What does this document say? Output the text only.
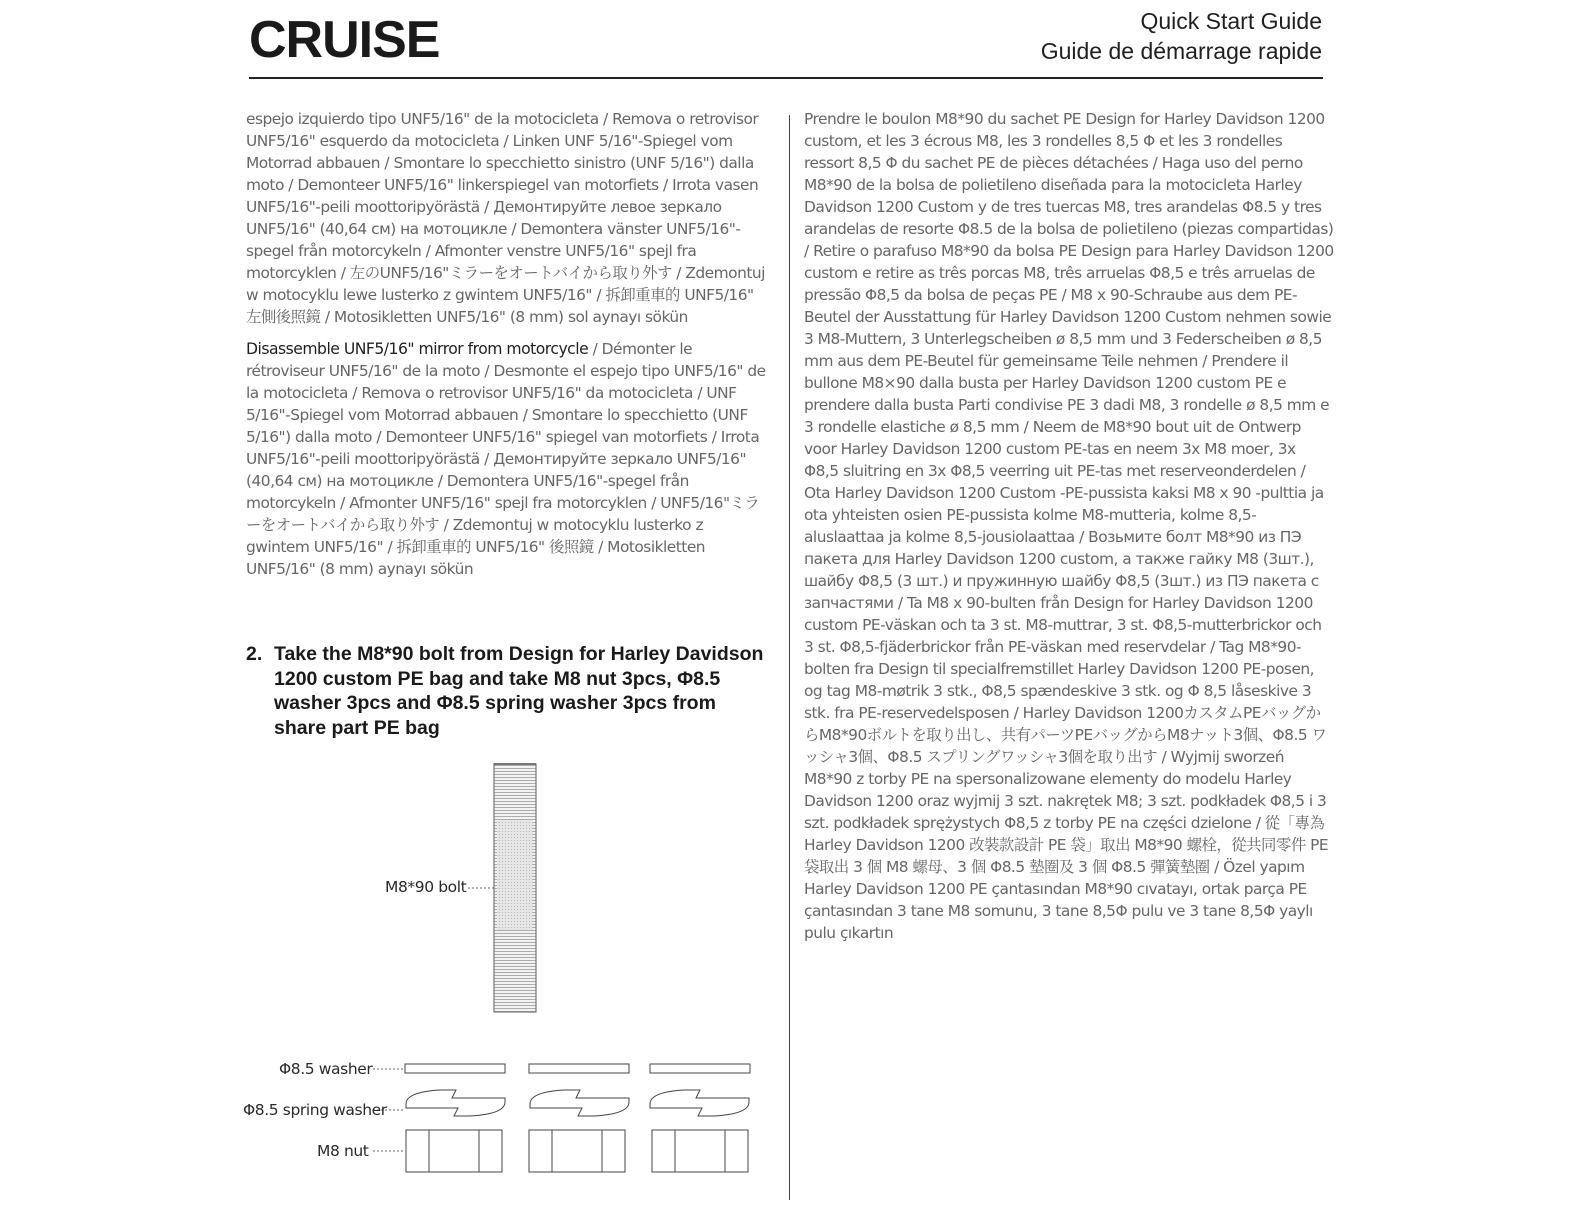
CRUISE	Quick Start Guide
Guide de démarrage rapide

espejo izquierdo tipo UNF5/16" de la motocicleta / Remova o retrovisor UNF5/16" esquerdo da motocicleta / Linken UNF 5/16"-Spiegel vom Motorrad abbauen / Smontare lo specchietto sinistro (UNF 5/16") dalla moto / Demonteer UNF5/16" linkerspiegel van motorfiets / Irrota vasen UNF5/16"-peili moottoripyörästä / Демонтируйте левое зеркало UNF5/16" (40,64 см) на мотоцикле / Demontera vänster UNF5/16"-spegel från motorcykeln / Afmonter venstre UNF5/16" spejl fra motorcyklen / 左のUNF5/16"ミラーをオートバイから取り外す / Zdemontuj w motocyklu lewe lusterko z gwintem UNF5/16" / 拆卸重車的 UNF5/16" 左側後照鏡 / Motosikletten UNF5/16" (8 mm) sol aynayı sökün

Disassemble UNF5/16" mirror from motorcycle / Démonter le rétroviseur UNF5/16" de la moto / Desmonte el espejo tipo UNF5/16" de la motocicleta / Remova o retrovisor UNF5/16" da motocicleta / UNF 5/16"-Spiegel vom Motorrad abbauen / Smontare lo specchietto (UNF 5/16") dalla moto / Demonteer UNF5/16" spiegel van motorfiets / Irrota UNF5/16"-peili moottoripyörästä / Демонтируйте зеркало UNF5/16" (40,64 см) на мотоцикле / Demontera UNF5/16"-spegel från motorcykeln / Afmonter UNF5/16" spejl fra motorcyklen / UNF5/16"ミラーをオートバイから取り外す / Zdemontuj w motocyklu lusterko z gwintem UNF5/16" / 拆卸重車的 UNF5/16" 後照鏡 / Motosikletten UNF5/16" (8 mm) aynayı sökün

2. Take the M8*90 bolt from Design for Harley Davidson 1200 custom PE bag and take M8 nut 3pcs, Φ8.5 washer 3pcs and Φ8.5 spring washer 3pcs from share part PE bag
M8*90 bolt
Φ8.5 washer
Φ8.5 spring washer
M8 nut

Prendre le boulon M8*90 du sachet PE Design for Harley Davidson 1200 custom, et les 3 écrous M8, les 3 rondelles 8,5 Φ et les 3 rondelles ressort 8,5 Φ du sachet PE de pièces détachées / Haga uso del perno M8*90 de la bolsa de polietileno diseñada para la motocicleta Harley Davidson 1200 Custom y de tres tuercas M8, tres arandelas Φ8.5 y tres arandelas de resorte Φ8.5 de la bolsa de polietileno (piezas compartidas) / Retire o parafuso M8*90 da bolsa PE Design para Harley Davidson 1200 custom e retire as três porcas M8, três arruelas Φ8,5 e três arruelas de pressão Φ8,5 da bolsa de peças PE / M8 x 90-Schraube aus dem PE-Beutel der Ausstattung für Harley Davidson 1200 Custom nehmen sowie 3 M8-Muttern, 3 Unterlegscheiben ø 8,5 mm und 3 Federscheiben ø 8,5 mm aus dem PE-Beutel für gemeinsame Teile nehmen / Prendere il bullone M8×90 dalla busta per Harley Davidson 1200 custom PE e prendere dalla busta Parti condivise PE 3 dadi M8, 3 rondelle ø 8,5 mm e 3 rondelle elastiche ø 8,5 mm / Neem de M8*90 bout uit de Ontwerp voor Harley Davidson 1200 custom PE-tas en neem 3x M8 moer, 3x Φ8,5 sluitring en 3x Φ8,5 veerring uit PE-tas met reserveonderdelen / Ota Harley Davidson 1200 Custom -PE-pussista kaksi M8 x 90 -pulttia ja ota yhteisten osien PE-pussista kolme M8-mutteria, kolme 8,5-aluslaattaa ja kolme 8,5-jousiolaattaa / Возьмите болт M8*90 из ПЭ пакета для Harley Davidson 1200 custom, а также гайку M8 (3шт.), шайбу Φ8,5 (3 шт.) и пружинную шайбу Φ8,5 (3шт.) из ПЭ пакета с запчастями / Ta M8 x 90-bulten från Design for Harley Davidson 1200 custom PE-väskan och ta 3 st. M8-muttrar, 3 st. Φ8,5-mutterbrickor och 3 st. Φ8,5-fjäderbrickor från PE-väskan med reservdelar / Tag M8*90-bolten fra Design til specialfremstillet Harley Davidson 1200 PE-posen, og tag M8-møtrik 3 stk., Φ8,5 spændeskive 3 stk. og Φ 8,5 låseskive 3 stk. fra PE-reservedelsposen / Harley Davidson 1200カスタムPEバッグからM8*90ボルトを取り出し、共有パーツPEバッグからM8ナット3個、Φ8.5 ワッシャ3個、Φ8.5 スプリングワッシャ3個を取り出す / Wyjmij sworzeń M8*90 z torby PE na spersonalizowane elementy do modelu Harley Davidson 1200 oraz wyjmij 3 szt. nakrętek M8; 3 szt. podkładek Φ8,5 i 3 szt. podkładek sprężystych Φ8,5 z torby PE na części dzielone / 從「專為 Harley Davidson 1200 改裝款設計 PE 袋」取出 M8*90 螺栓，從共同零件 PE 袋取出 3 個 M8 螺母、3 個 Φ8.5 墊圈及 3 個 Φ8.5 彈簧墊圈 / Özel yapım Harley Davidson 1200 PE çantasından M8*90 cıvatayı, ortak parça PE çantasından 3 tane M8 somunu, 3 tane 8,5Φ pulu ve 3 tane 8,5Φ yaylı pulu çıkartın
